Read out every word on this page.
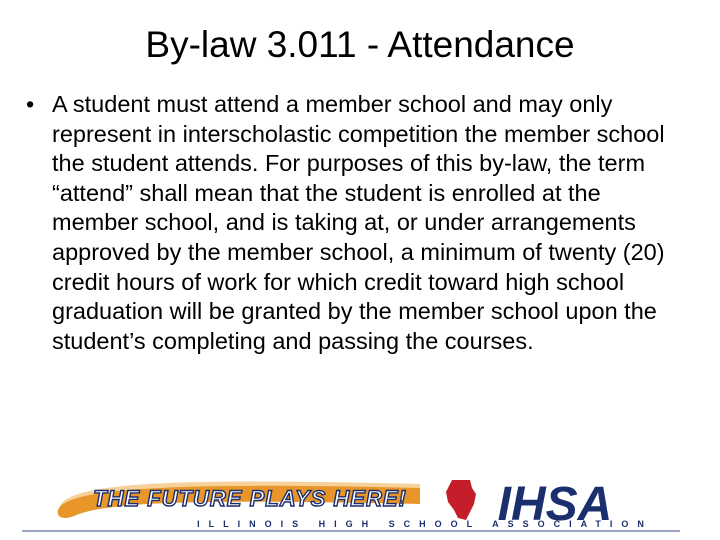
By-law 3.011 - Attendance
• A student must attend a member school and may only represent in interscholastic competition the member school the student attends. For purposes of this by-law, the term “attend” shall mean that the student is enrolled at the member school, and is taking at, or under arrangements approved by the member school, a minimum of twenty (20) credit hours of work for which credit toward high school graduation will be granted by the member school upon the student’s completing and passing the courses.
THE FUTURE PLAYS HERE! IHSA
ILLINOIS HIGH SCHOOL ASSOCIATION
